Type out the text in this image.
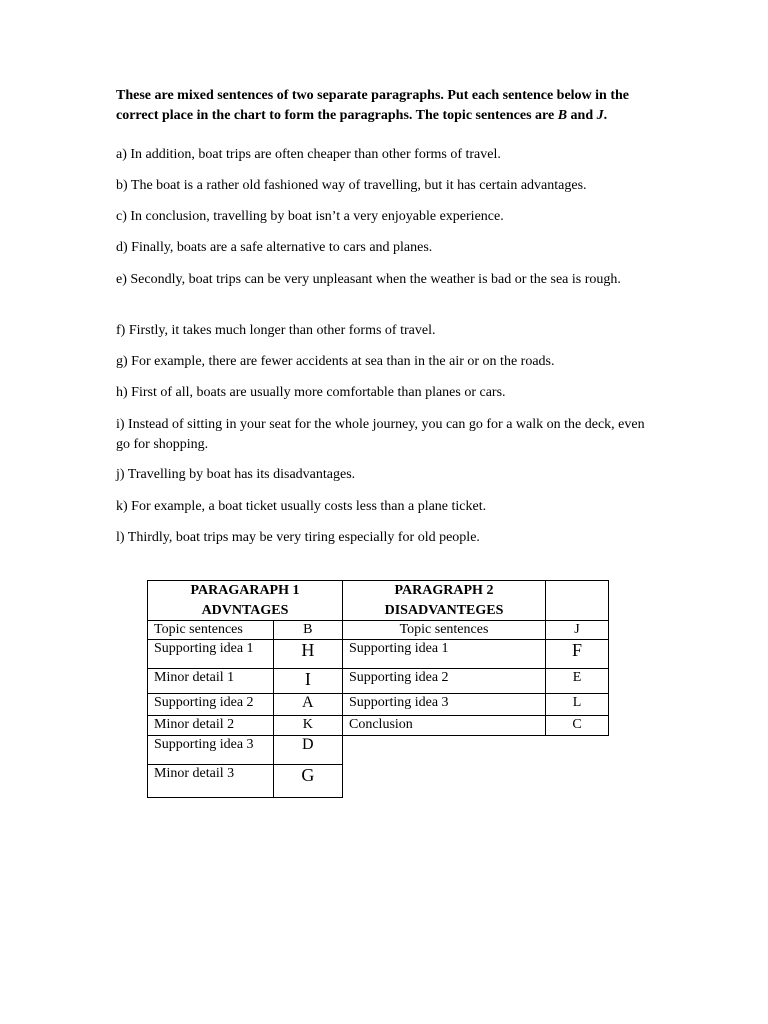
These are mixed sentences of two separate paragraphs. Put each sentence below in the correct place in the chart to form the paragraphs. The topic sentences are B and J.

a) In addition, boat trips are often cheaper than other forms of travel.

b) The boat is a rather old fashioned way of travelling, but it has certain advantages.

c) In conclusion, travelling by boat isn’t a very enjoyable experience.

d) Finally, boats are a safe alternative to cars and planes.

e) Secondly, boat trips can be very unpleasant when the weather is bad or the sea is rough.

f) Firstly, it takes much longer than other forms of travel.

g) For example, there are fewer accidents at sea than in the air or on the roads.

h) First of all, boats are usually more comfortable than planes or cars.

i) Instead of sitting in your seat for the whole journey, you can go for a walk on the deck, even go for shopping.

j) Travelling by boat has its disadvantages.

k) For example, a boat ticket usually costs less than a plane ticket.

l) Thirdly, boat trips may be very tiring especially for old people.

PARAGARAPH 1
ADVNTAGES	

Topic sentences	B
Supporting idea 1	H
Minor detail 1	I
Supporting idea 2	A
Minor detail 2	K
Supporting idea 3	D
Minor detail 3	G
PARAGRAPH 2
DISADVANTEGES	

Topic sentences	J
Supporting idea 1	F
Supporting idea 2	E
Supporting idea 3	L
Conclusion	C
